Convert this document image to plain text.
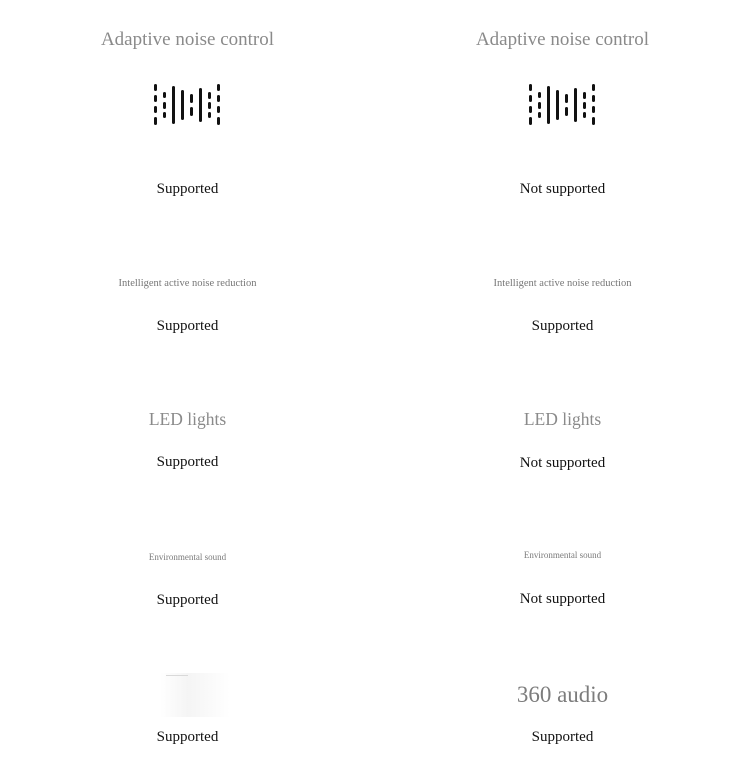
Adaptive noise control
Supported
Intelligent active noise reduction
Supported
LED lights
Supported
Environmental sound
Supported
Supported
Adaptive noise control
Not supported
Intelligent active noise reduction
Supported
LED lights
Not supported
Environmental sound
Not supported
360 audio
Supported
